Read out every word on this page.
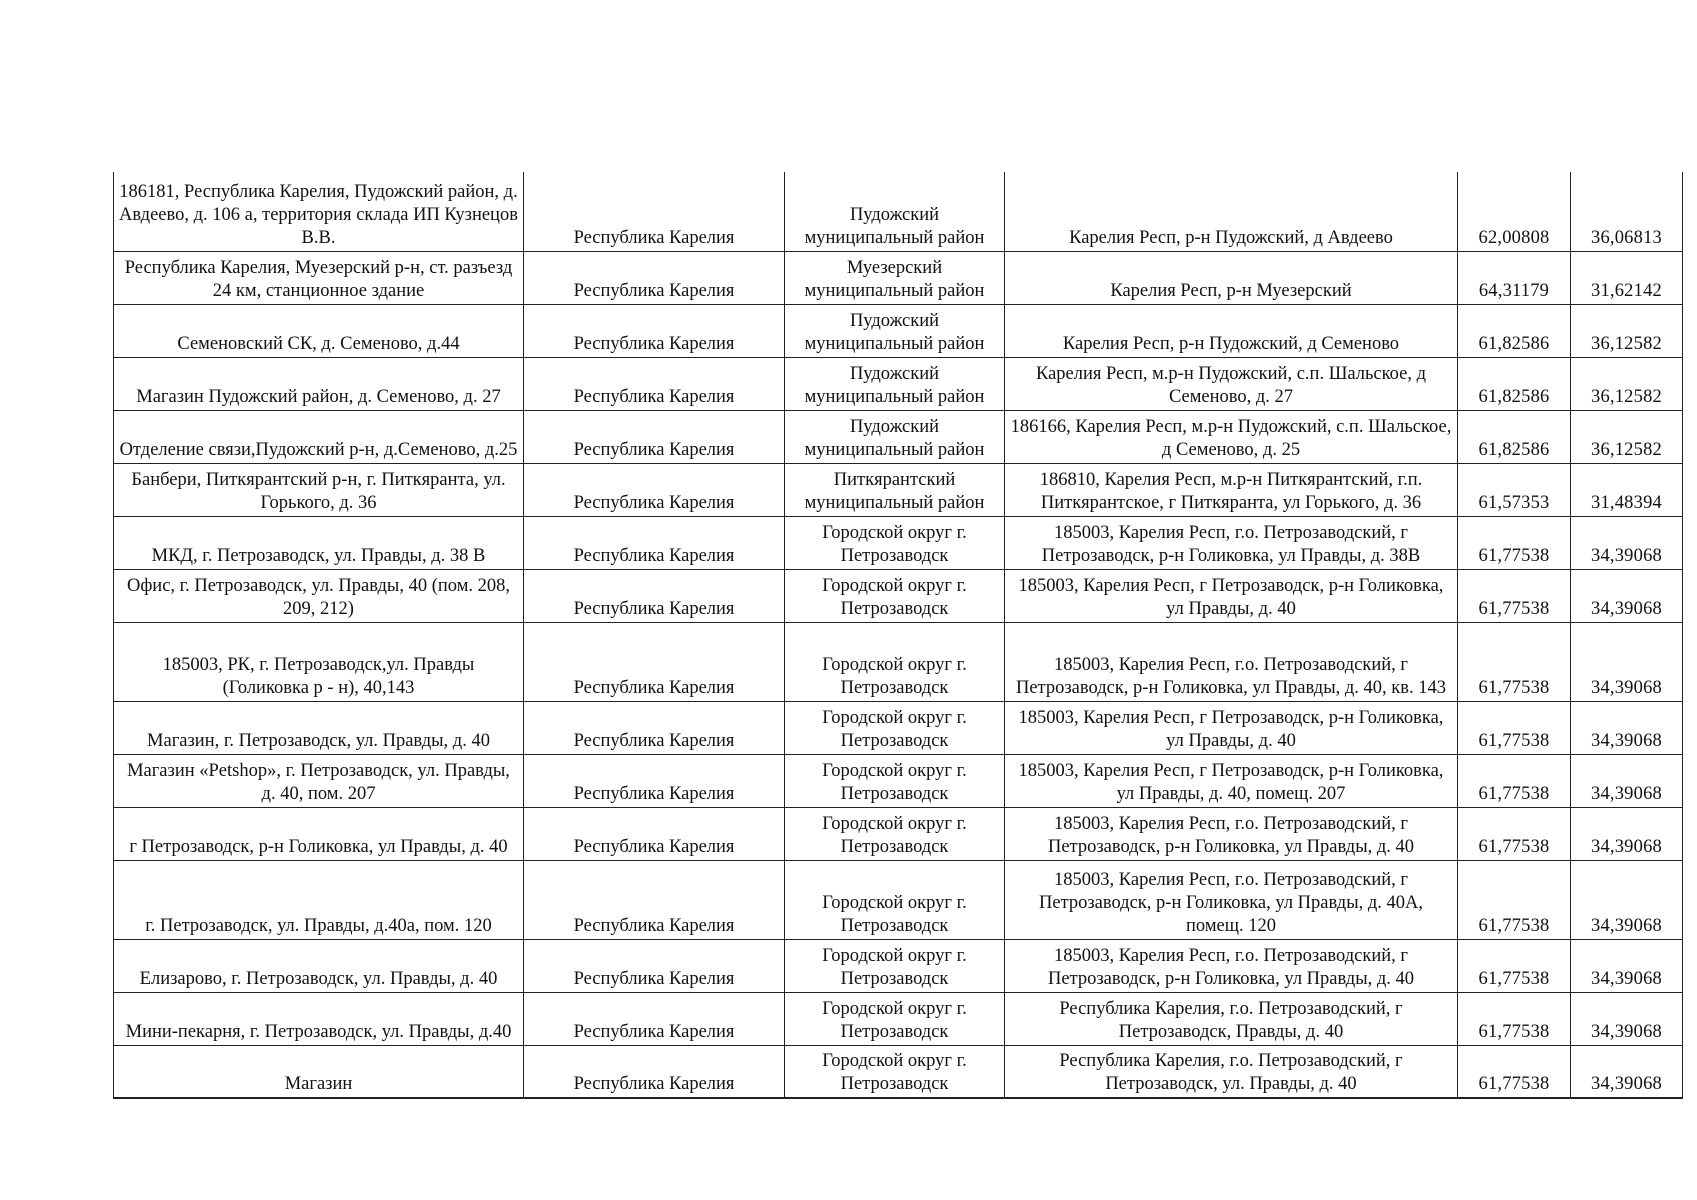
186181, Республика Карелия, Пудожский район, д. Авдеево, д. 106 а, территория склада ИП Кузнецов В.В.	Республика Карелия	Пудожский муниципальный район	Карелия Респ, р-н Пудожский, д Авдеево	62,00808	36,06813
Республика Карелия, Муезерский р-н, ст. разъезд 24 км, станционное здание	Республика Карелия	Муезерский муниципальный район	Карелия Респ, р-н Муезерский	64,31179	31,62142
Семеновский СК, д. Семеново, д.44	Республика Карелия	Пудожский муниципальный район	Карелия Респ, р-н Пудожский, д Семеново	61,82586	36,12582
Магазин Пудожский район, д. Семеново, д. 27	Республика Карелия	Пудожский муниципальный район	Карелия Респ, м.р-н Пудожский, с.п. Шальское, д Семеново, д. 27	61,82586	36,12582
Отделение связи,Пудожский р-н, д.Семеново, д.25	Республика Карелия	Пудожский муниципальный район	186166, Карелия Респ, м.р-н Пудожский, с.п. Шальское, д Семеново, д. 25	61,82586	36,12582
Банбери, Питкярантский р-н, г. Питкяранта, ул. Горького, д. 36	Республика Карелия	Питкярантский муниципальный район	186810, Карелия Респ, м.р-н Питкярантский, г.п. Питкярантское, г Питкяранта, ул Горького, д. 36	61,57353	31,48394
МКД, г. Петрозаводск, ул. Правды, д. 38 В	Республика Карелия	Городской округ г. Петрозаводск	185003, Карелия Респ, г.о. Петрозаводский, г Петрозаводск, р-н Голиковка, ул Правды, д. 38В	61,77538	34,39068
Офис, г. Петрозаводск, ул. Правды, 40 (пом. 208, 209, 212)	Республика Карелия	Городской округ г. Петрозаводск	185003, Карелия Респ, г Петрозаводск, р-н Голиковка, ул Правды, д. 40	61,77538	34,39068
185003, РК, г. Петрозаводск,ул. Правды (Голиковка р - н), 40,143	Республика Карелия	Городской округ г. Петрозаводск	185003, Карелия Респ, г.о. Петрозаводский, г Петрозаводск, р-н Голиковка, ул Правды, д. 40, кв. 143	61,77538	34,39068
Магазин, г. Петрозаводск, ул. Правды, д. 40	Республика Карелия	Городской округ г. Петрозаводск	185003, Карелия Респ, г Петрозаводск, р-н Голиковка, ул Правды, д. 40	61,77538	34,39068
Магазин «Petshop», г. Петрозаводск, ул. Правды, д. 40, пом. 207	Республика Карелия	Городской округ г. Петрозаводск	185003, Карелия Респ, г Петрозаводск, р-н Голиковка, ул Правды, д. 40, помещ. 207	61,77538	34,39068
г Петрозаводск, р-н Голиковка, ул Правды, д. 40	Республика Карелия	Городской округ г. Петрозаводск	185003, Карелия Респ, г.о. Петрозаводский, г Петрозаводск, р-н Голиковка, ул Правды, д. 40	61,77538	34,39068
г. Петрозаводск, ул. Правды, д.40а, пом. 120	Республика Карелия	Городской округ г. Петрозаводск	185003, Карелия Респ, г.о. Петрозаводский, г Петрозаводск, р-н Голиковка, ул Правды, д. 40А, помещ. 120	61,77538	34,39068
Елизарово, г. Петрозаводск, ул. Правды, д. 40	Республика Карелия	Городской округ г. Петрозаводск	185003, Карелия Респ, г.о. Петрозаводский, г Петрозаводск, р-н Голиковка, ул Правды, д. 40	61,77538	34,39068
Мини-пекарня, г. Петрозаводск, ул. Правды, д.40	Республика Карелия	Городской округ г. Петрозаводск	Республика Карелия, г.о. Петрозаводский, г Петрозаводск, Правды, д. 40	61,77538	34,39068
Магазин	Республика Карелия	Городской округ г. Петрозаводск	Республика Карелия, г.о. Петрозаводский, г Петрозаводск, ул. Правды, д. 40	61,77538	34,39068
